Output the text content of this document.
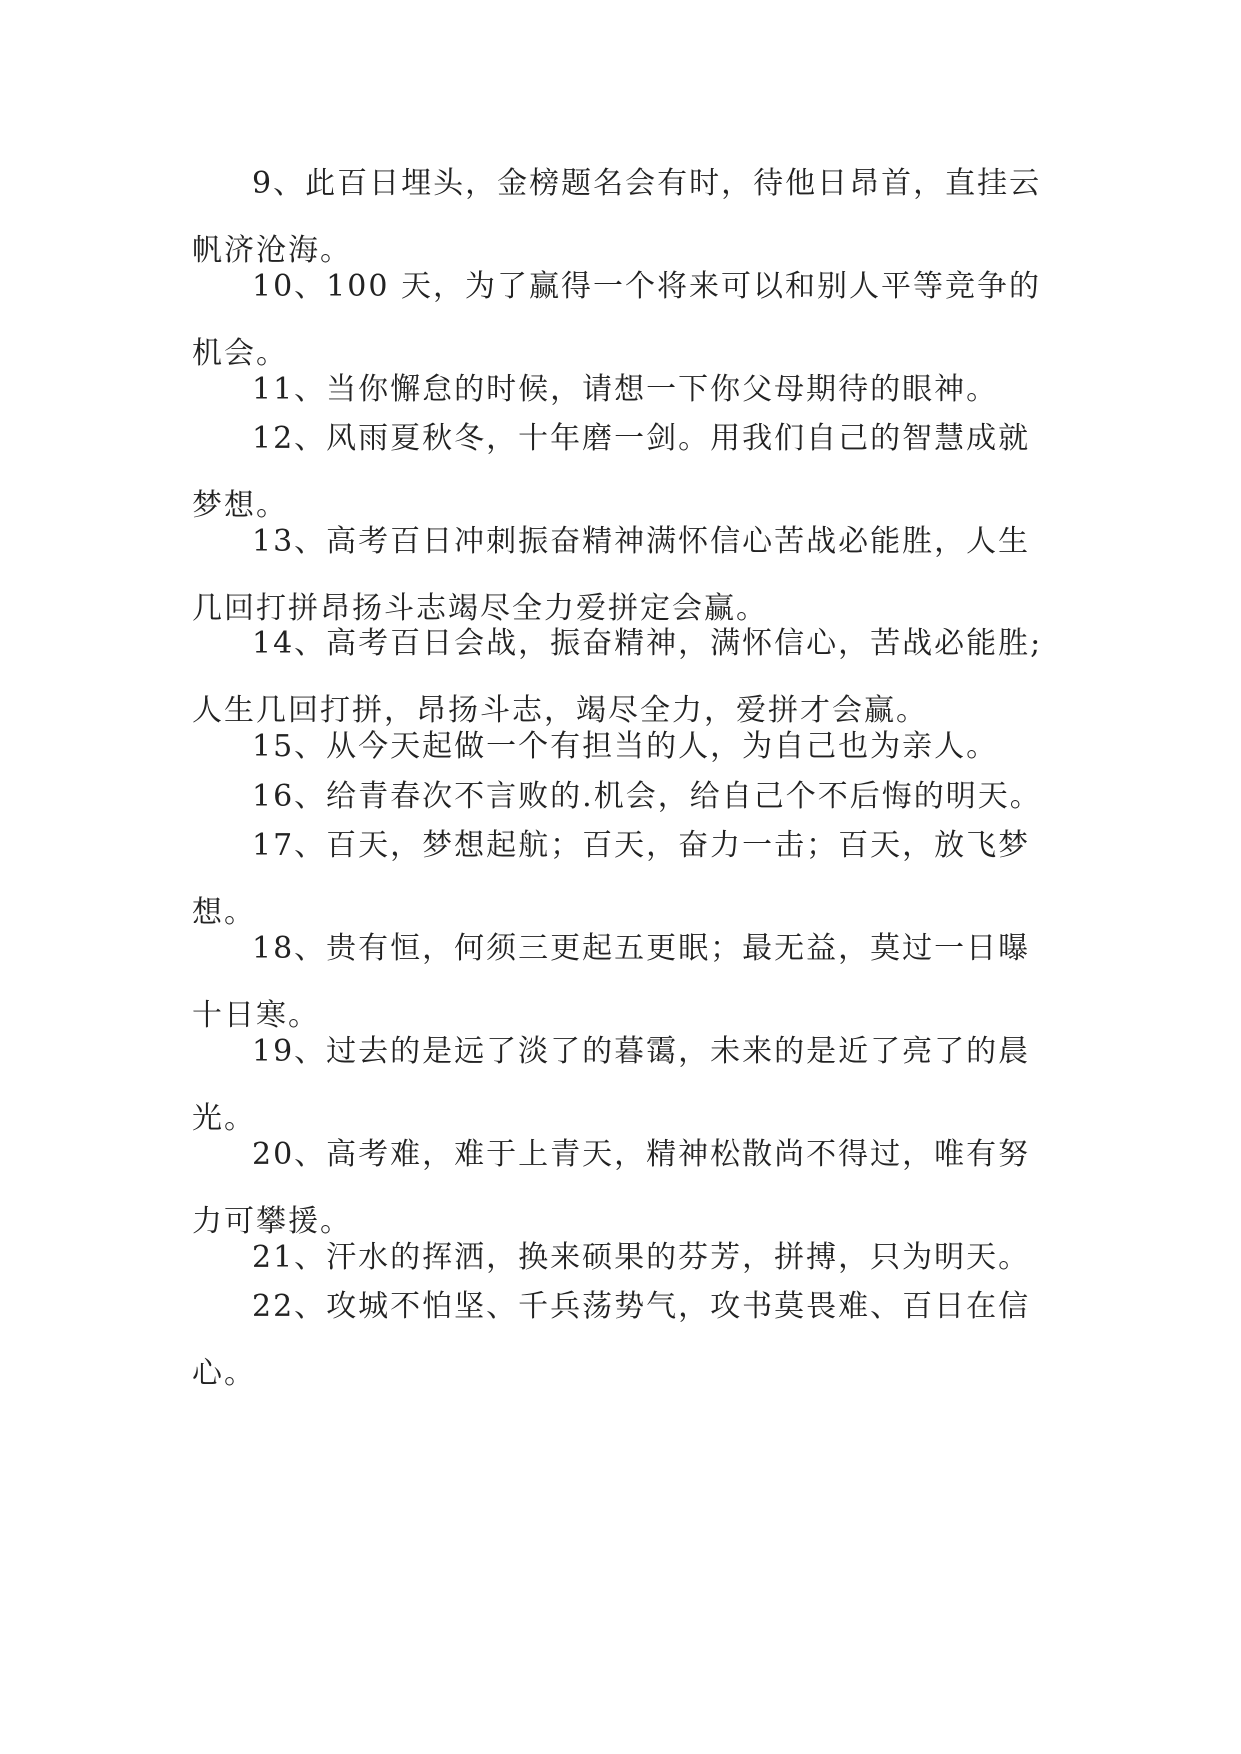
9、此百日埋头，金榜题名会有时，待他日昂首，直挂云帆济沧海。

10、100 天，为了赢得一个将来可以和别人平等竞争的机会。

11、当你懈怠的时候，请想一下你父母期待的眼神。

12、风雨夏秋冬，十年磨一剑。用我们自己的智慧成就梦想。

13、高考百日冲刺振奋精神满怀信心苦战必能胜，人生几回打拼昂扬斗志竭尽全力爱拼定会赢。

14、高考百日会战，振奋精神，满怀信心，苦战必能胜;人生几回打拼，昂扬斗志，竭尽全力，爱拼才会赢。

15、从今天起做一个有担当的人，为自己也为亲人。

16、给青春次不言败的.机会，给自己个不后悔的明天。

17、百天，梦想起航；百天，奋力一击；百天，放飞梦想。

18、贵有恒，何须三更起五更眠；最无益，莫过一日曝十日寒。

19、过去的是远了淡了的暮霭，未来的是近了亮了的晨光。

20、高考难，难于上青天，精神松散尚不得过，唯有努力可攀援。

21、汗水的挥洒，换来硕果的芬芳，拼搏，只为明天。

22、攻城不怕坚、千兵荡势气，攻书莫畏难、百日在信心。
